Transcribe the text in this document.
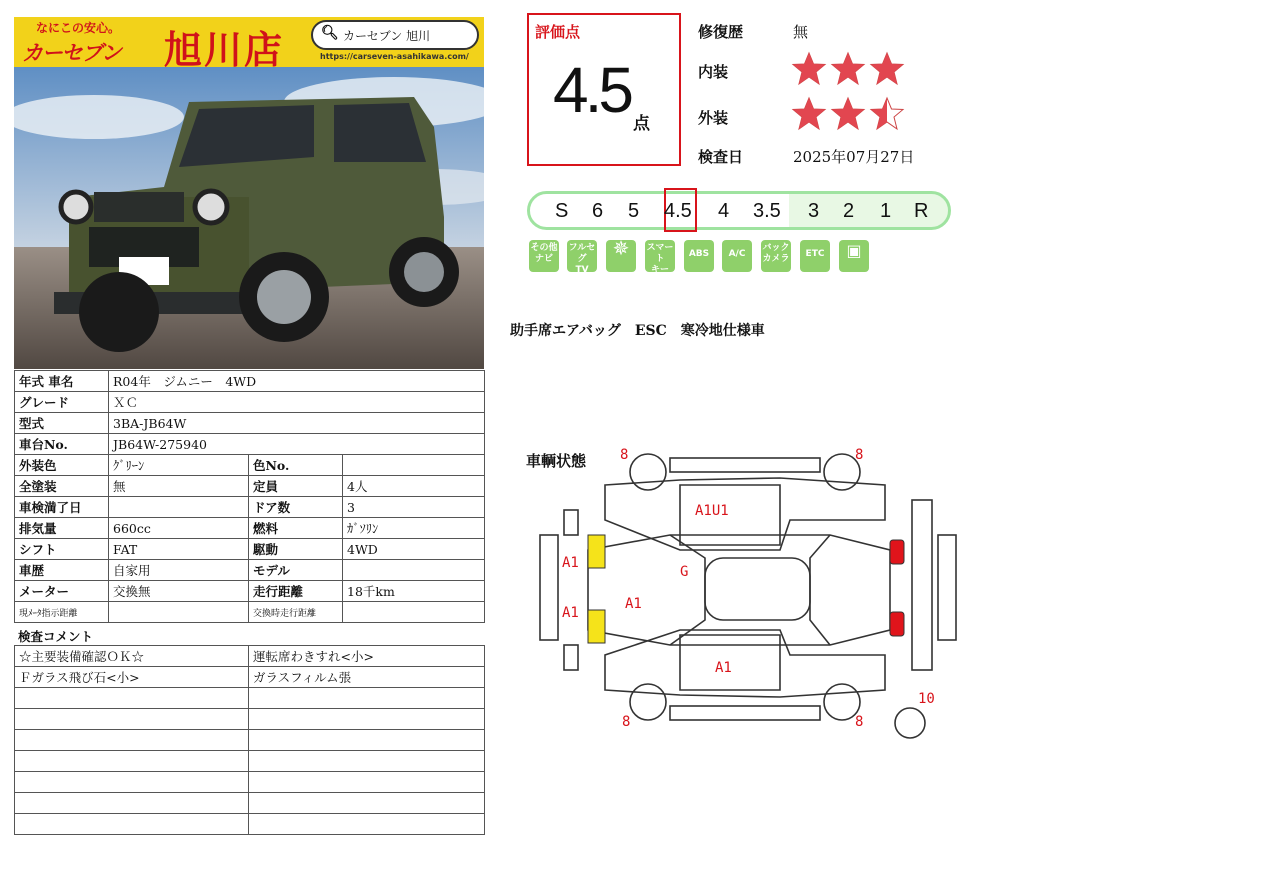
なにこの安心。
カーセブン 旭川店	🔍︎ カーセブン 旭川
https://carseven-asahikawa.com/
年式 車名	R04年　ジムニー　4WD		
グレード	ＸＣ		
型式	3BA-JB64W		
車台No.	JB64W-275940		
外装色	ｸﾞﾘｰﾝ	色No.	
全塗装	無	定員	4人
車検満了日		ドア数	3
排気量	660cc	燃料	ｶﾞｿﾘﾝ
シフト	FAT	駆動	4WD
車歴	自家用	モデル	
メーター	交換無	走行距離	18千km
現ﾒｰﾀ指示距離		交換時走行距離	
検査コメント
☆主要装備確認ＯＫ☆	運転席わきすれ<小>
Ｆガラス飛び石<小>	ガラスフィルム張

評価点
4.5 点
修復歴	無
内装
外装
検査日	2025年07月27日
S 6 5 4.5 4 3.5 3 2 1 R
その他
ナビ
フルセグ
TV
✵	スマート
キー
ABS	A/C
バック
カメラ	ETC	▣
助手席エアバッグ　ESC　寒冷地仕様車
車輌状態 8	8
A1U1
A1
A1
A1
G
A1
8	8
10
